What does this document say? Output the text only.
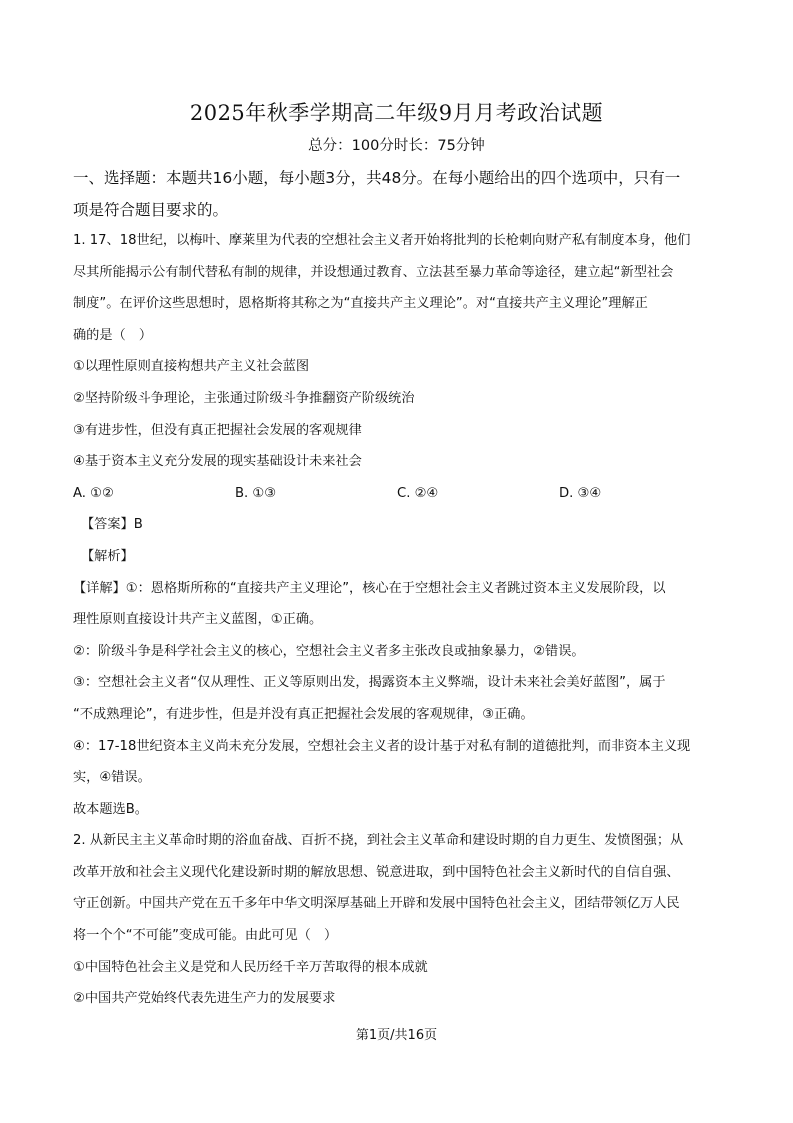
2025年秋季学期高二年级9月月考政治试题
总分：100分时长：75分钟
一、选择题：本题共16小题，每小题3分，共48分。在每小题给出的四个选项中，只有一
项是符合题目要求的。
1. 17、18世纪，以梅叶、摩莱里为代表的空想社会主义者开始将批判的长枪刺向财产私有制度本身，他们
尽其所能揭示公有制代替私有制的规律，并设想通过教育、立法甚至暴力革命等途径，建立起“新型社会
制度”。在评价这些思想时，恩格斯将其称之为“直接共产主义理论”。对“直接共产主义理论”理解正
确的是（　）
①以理性原则直接构想共产主义社会蓝图
②坚持阶级斗争理论，主张通过阶级斗争推翻资产阶级统治
③有进步性，但没有真正把握社会发展的客观规律
④基于资本主义充分发展的现实基础设计未来社会
A. ①②	B. ①③	C. ②④	D. ③④
【答案】B
【解析】
【详解】①：恩格斯所称的“直接共产主义理论”，核心在于空想社会主义者跳过资本主义发展阶段，以
理性原则直接设计共产主义蓝图，①正确。
②：阶级斗争是科学社会主义的核心，空想社会主义者多主张改良或抽象暴力，②错误。
③：空想社会主义者“仅从理性、正义等原则出发，揭露资本主义弊端，设计未来社会美好蓝图”，属于
“不成熟理论”，有进步性，但是并没有真正把握社会发展的客观规律，③正确。
④：17-18世纪资本主义尚未充分发展，空想社会主义者的设计基于对私有制的道德批判，而非资本主义现
实，④错误。
故本题选B。
2. 从新民主主义革命时期的浴血奋战、百折不挠，到社会主义革命和建设时期的自力更生、发愤图强；从
改革开放和社会主义现代化建设新时期的解放思想、锐意进取，到中国特色社会主义新时代的自信自强、
守正创新。中国共产党在五千多年中华文明深厚基础上开辟和发展中国特色社会主义，团结带领亿万人民
将一个个“不可能”变成可能。由此可见（　）
①中国特色社会主义是党和人民历经千辛万苦取得的根本成就
②中国共产党始终代表先进生产力的发展要求
第1页/共16页
